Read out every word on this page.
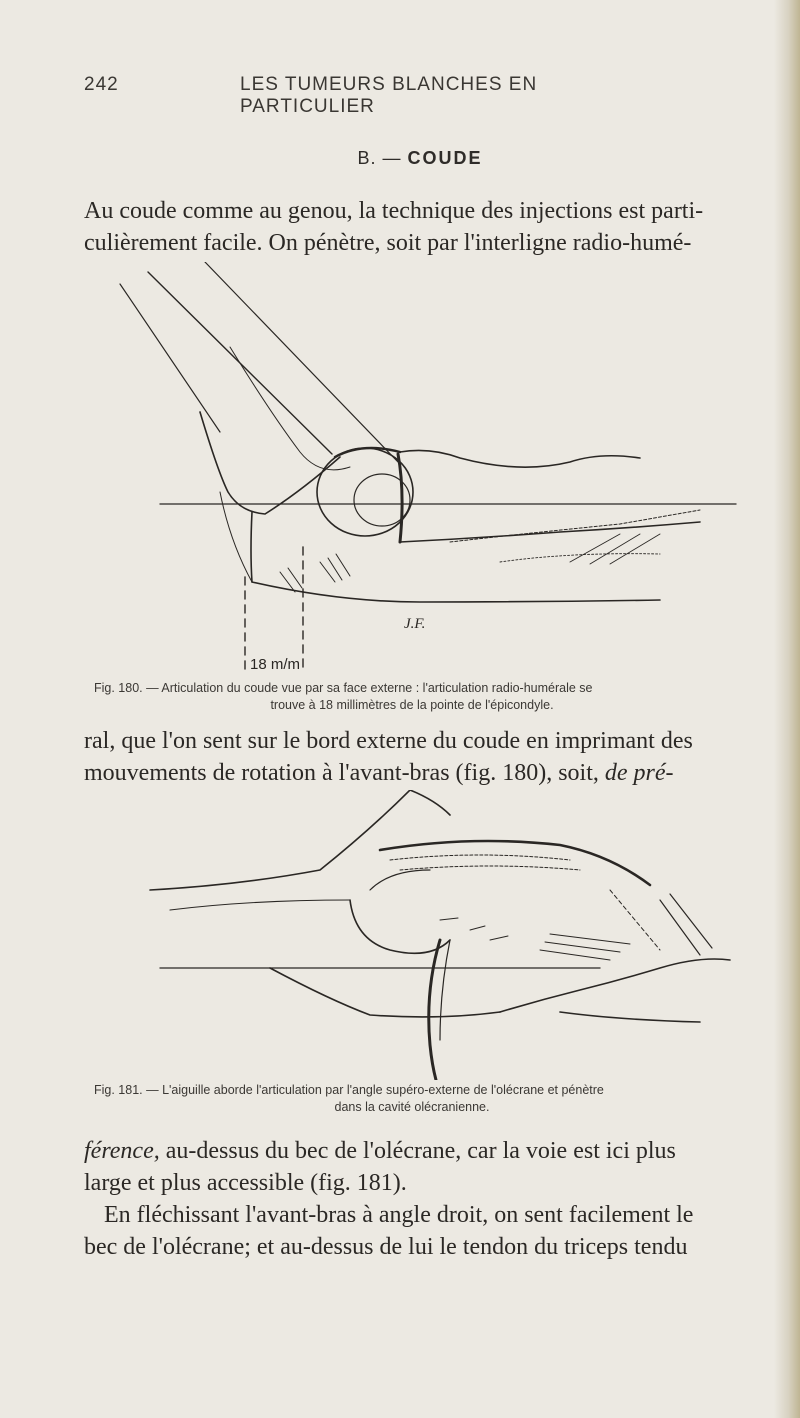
242	LES TUMEURS BLANCHES EN PARTICULIER
B. — COUDE
Au coude comme au genou, la technique des injections est parti-
culièrement facile. On pénètre, soit par l'interligne radio-humé-
18 m/m
J.F.
Fig. 180. — Articulation du coude vue par sa face externe : l'articulation radio-humérale se
trouve à 18 millimètres de la pointe de l'épicondyle.
ral, que l'on sent sur le bord externe du coude en imprimant des
mouvements de rotation à l'avant-bras (fig. 180), soit, de pré-
Fig. 181. — L'aiguille aborde l'articulation par l'angle supéro-externe de l'olécrane et pénètre
dans la cavité olécranienne.
férence, au-dessus du bec de l'olécrane, car la voie est ici plus
large et plus accessible (fig. 181).
En fléchissant l'avant-bras à angle droit, on sent facilement le
bec de l'olécrane; et au-dessus de lui le tendon du triceps tendu
